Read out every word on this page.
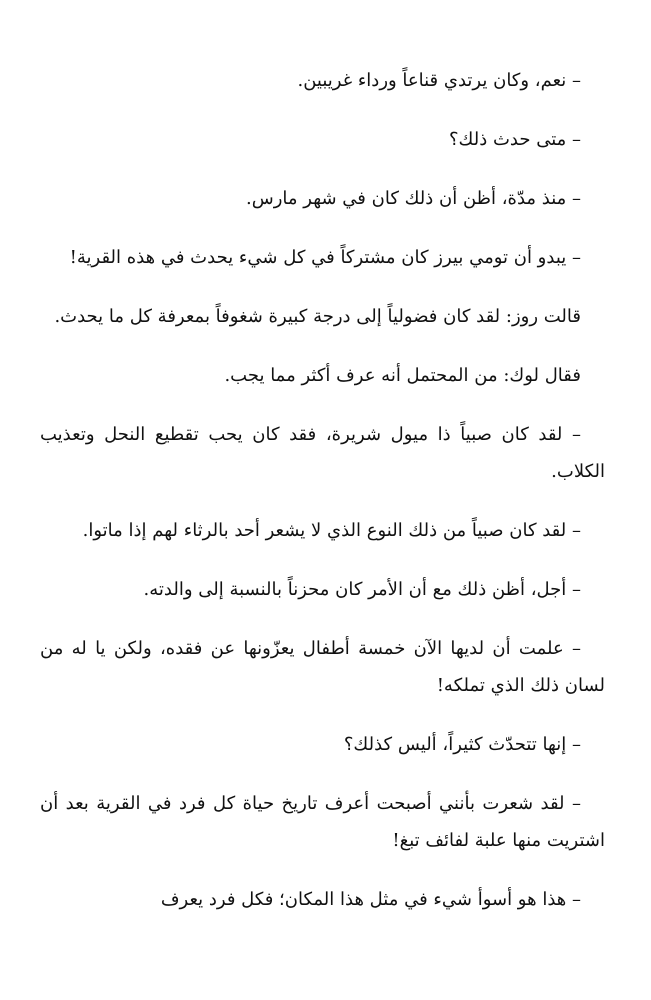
– نعم، وكان يرتدي قناعاً ورداء غريبين.

– متى حدث ذلك؟

– منذ مدّة، أظن أن ذلك كان في شهر مارس.

– يبدو أن تومي بيرز كان مشتركاً في كل شيء يحدث في هذه القرية!

قالت روز: لقد كان فضولياً إلى درجة كبيرة شغوفاً بمعرفة كل ما يحدث.

فقال لوك: من المحتمل أنه عرف أكثر مما يجب.

– لقد كان صبياً ذا ميول شريرة، فقد كان يحب تقطيع النحل وتعذيب الكلاب.

– لقد كان صبياً من ذلك النوع الذي لا يشعر أحد بالرثاء لهم إذا ماتوا.

– أجل، أظن ذلك مع أن الأمر كان محزناً بالنسبة إلى والدته.

– علمت أن لديها الآن خمسة أطفال يعزّونها عن فقده، ولكن يا له من لسان ذلك الذي تملكه!

– إنها تتحدّث كثيراً، أليس كذلك؟

– لقد شعرت بأنني أصبحت أعرف تاريخ حياة كل فرد في القرية بعد أن اشتريت منها علبة لفائف تبغ!

– هذا هو أسوأ شيء في مثل هذا المكان؛ فكل فرد يعرف
